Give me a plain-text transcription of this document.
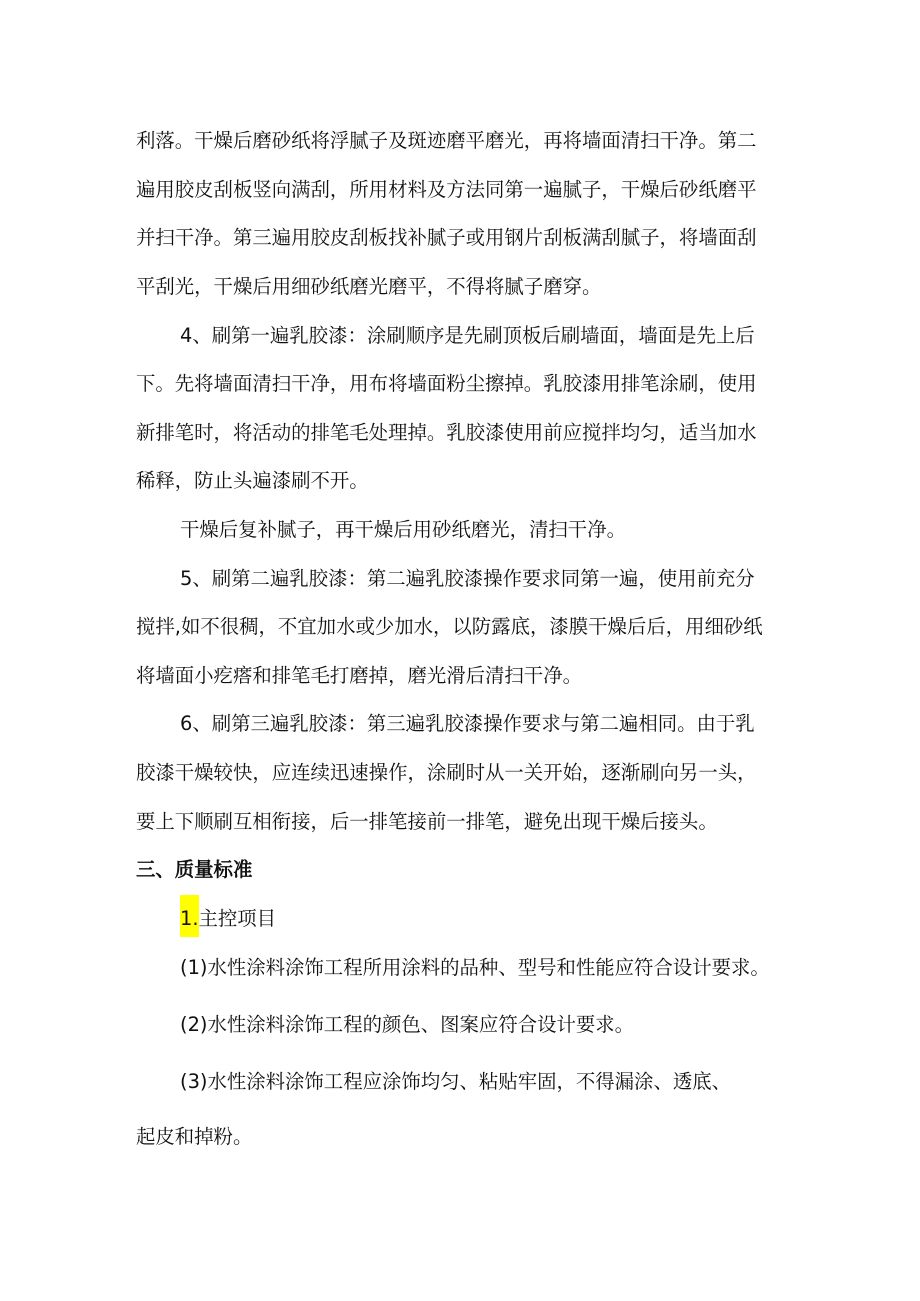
利落。干燥后磨砂纸将浮腻子及斑迹磨平磨光，再将墙面清扫干净。第二
遍用胶皮刮板竖向满刮，所用材料及方法同第一遍腻子，干燥后砂纸磨平
并扫干净。第三遍用胶皮刮板找补腻子或用钢片刮板满刮腻子，将墙面刮
平刮光，干燥后用细砂纸磨光磨平，不得将腻子磨穿。
4、刷第一遍乳胶漆：涂刷顺序是先刷顶板后刷墙面，墙面是先上后
下。先将墙面清扫干净，用布将墙面粉尘擦掉。乳胶漆用排笔涂刷，使用
新排笔时，将活动的排笔毛处理掉。乳胶漆使用前应搅拌均匀，适当加水
稀释，防止头遍漆刷不开。
干燥后复补腻子，再干燥后用砂纸磨光，清扫干净。
5、刷第二遍乳胶漆：第二遍乳胶漆操作要求同第一遍，使用前充分
搅拌,如不很稠，不宜加水或少加水，以防露底，漆膜干燥后后，用细砂纸
将墙面小疙瘩和排笔毛打磨掉，磨光滑后清扫干净。
6、刷第三遍乳胶漆：第三遍乳胶漆操作要求与第二遍相同。由于乳
胶漆干燥较快，应连续迅速操作，涂刷时从一关开始，逐渐刷向另一头，
要上下顺刷互相衔接，后一排笔接前一排笔，避免出现干燥后接头。
三、质量标准
1.主控项目
(1)水性涂料涂饰工程所用涂料的品种、型号和性能应符合设计要求。
(2)水性涂料涂饰工程的颜色、图案应符合设计要求。
(3)水性涂料涂饰工程应涂饰均匀、粘贴牢固，不得漏涂、透底、
起皮和掉粉。
